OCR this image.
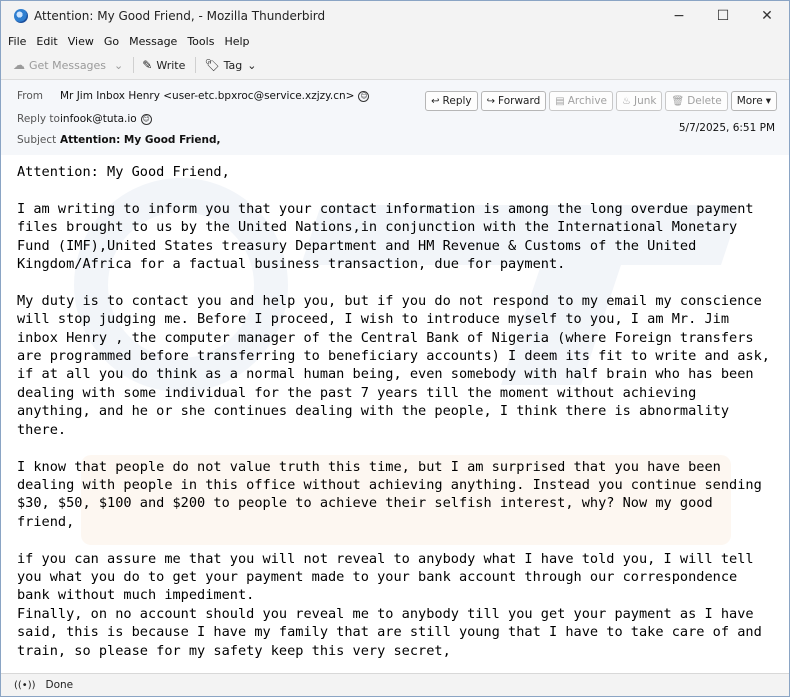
Attention: My Good Friend, - Mozilla Thunderbird	−	☐	✕
File Edit View Go Message Tools Help
☁ Get Messages ⌄ ✎ Write 🏷 Tag ⌄
From	Mr Jim Inbox Henry <user-etc.bpxroc@service.xzjzy.cn> ☺
Reply to infook@tuta.io ☺
Subject Attention: My Good Friend,
↩ Reply ↪ Forward ▤ Archive ♨ Junk 🗑 Delete More ▾
5/7/2025, 6:51 PM
Attention: My Good Friend,

I am writing to inform you that your contact information is among the long overdue payment files brought to us by the United Nations,in conjunction with the International Monetary Fund (IMF),United States treasury Department and HM Revenue & Customs of the United Kingdom/Africa for a factual business transaction, due for payment.

My duty is to contact you and help you, but if you do not respond to my email my conscience will stop judging me. Before I proceed, I wish to introduce myself to you, I am Mr. Jim inbox Henry , the computer manager of the Central Bank of Nigeria (where Foreign transfers are programmed before transferring to beneficiary accounts) I deem its fit to write and ask, if at all you do think as a normal human being, even somebody with half brain who has been dealing with some individual for the past 7 years till the moment without achieving anything, and he or she continues dealing with the people, I think there is abnormality there.

I know that people do not value truth this time, but I am surprised that you have been dealing with people in this office without achieving anything. Instead you continue sending $30, $50, $100 and $200 to people to achieve their selfish interest, why? Now my good friend,

if you can assure me that you will not reveal to anybody what I have told you, I will tell you what you do to get your payment made to your bank account through our correspondence bank without much impediment.
Finally, on no account should you reveal me to anybody till you get your payment as I have said, this is because I have my family that are still young that I have to take care of and train, so please for my safety keep this very secret,
((•)) Done
